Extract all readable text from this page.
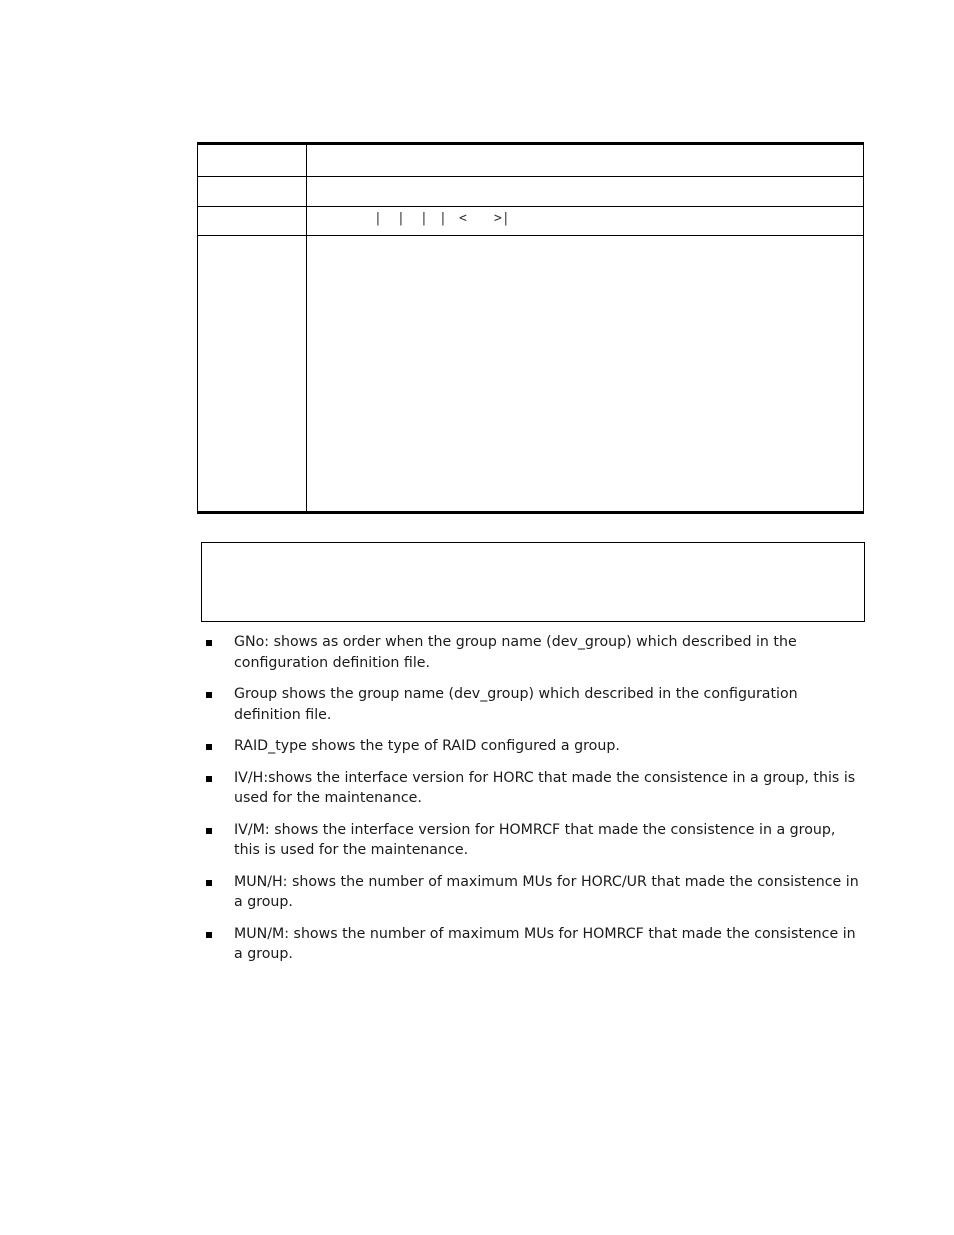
| | | | < >|
GNo: shows as order when the group name (dev_group) which described in the configuration definition file.
Group shows the group name (dev_group) which described in the configuration definition file.
RAID_type shows the type of RAID configured a group.
IV/H:shows the interface version for HORC that made the consistence in a group, this is used for the maintenance.
IV/M: shows the interface version for HOMRCF that made the consistence in a group, this is used for the maintenance.
MUN/H: shows the number of maximum MUs for HORC/UR that made the consistence in a group.
MUN/M: shows the number of maximum MUs for HOMRCF that made the consistence in a group.
